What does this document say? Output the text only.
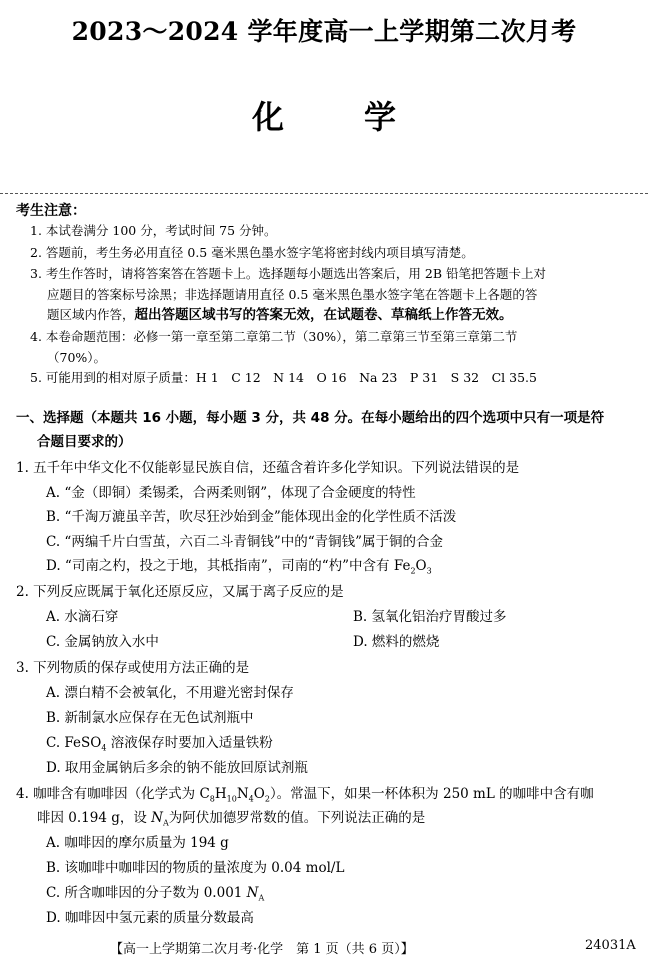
2023～2024 学年度高一上学期第二次月考
化	学
考生注意：
1. 本试卷满分 100 分，考试时间 75 分钟。
2. 答题前，考生务必用直径 0.5 毫米黑色墨水签字笔将密封线内项目填写清楚。
3. 考生作答时，请将答案答在答题卡上。选择题每小题选出答案后，用 2B 铅笔把答题卡上对
应题目的答案标号涂黑；非选择题请用直径 0.5 毫米黑色墨水签字笔在答题卡上各题的答
题区域内作答，超出答题区域书写的答案无效，在试题卷、草稿纸上作答无效。
4. 本卷命题范围：必修一第一章至第二章第二节（30%），第二章第三节至第三章第二节
（70%）。
5. 可能用到的相对原子质量：H 1　C 12　N 14　O 16　Na 23　P 31　S 32　Cl 35.5
一、选择题（本题共 16 小题，每小题 3 分，共 48 分。在每小题给出的四个选项中只有一项是符
合题目要求的）
1. 五千年中华文化不仅能彰显民族自信，还蕴含着许多化学知识。下列说法错误的是
A. “金（即铜）柔锡柔，合两柔则钢”，体现了合金硬度的特性
B. “千淘万漉虽辛苦，吹尽狂沙始到金”能体现出金的化学性质不活泼
C. “两编千片白雪茧，六百二斗青铜钱”中的“青铜钱”属于铜的合金
D. “司南之杓，投之于地，其柢指南”，司南的“杓”中含有 $Fe_2O_3$
2. 下列反应既属于氧化还原反应，又属于离子反应的是
A. 水滴石穿	B. 氢氧化铝治疗胃酸过多
C. 金属钠放入水中	D. 燃料的燃烧
3. 下列物质的保存或使用方法正确的是
A. 漂白精不会被氧化，不用避光密封保存
B. 新制氯水应保存在无色试剂瓶中
C. FeSO$_4$ 溶液保存时要加入适量铁粉
D. 取用金属钠后多余的钠不能放回原试剂瓶
4. 咖啡含有咖啡因（化学式为 $C_8H_{10}N_4O_2$）。常温下，如果一杯体积为 250 mL 的咖啡中含有咖
啡因 0.194 g，设 $N_A$为阿伏加德罗常数的值。下列说法正确的是
A. 咖啡因的摩尔质量为 194 g
B. 该咖啡中咖啡因的物质的量浓度为 0.04 mol/L
C. 所含咖啡因的分子数为 0.001 $N_A$
D. 咖啡因中氢元素的质量分数最高
【高一上学期第二次月考·化学　第 1 页（共 6 页）】	24031A
